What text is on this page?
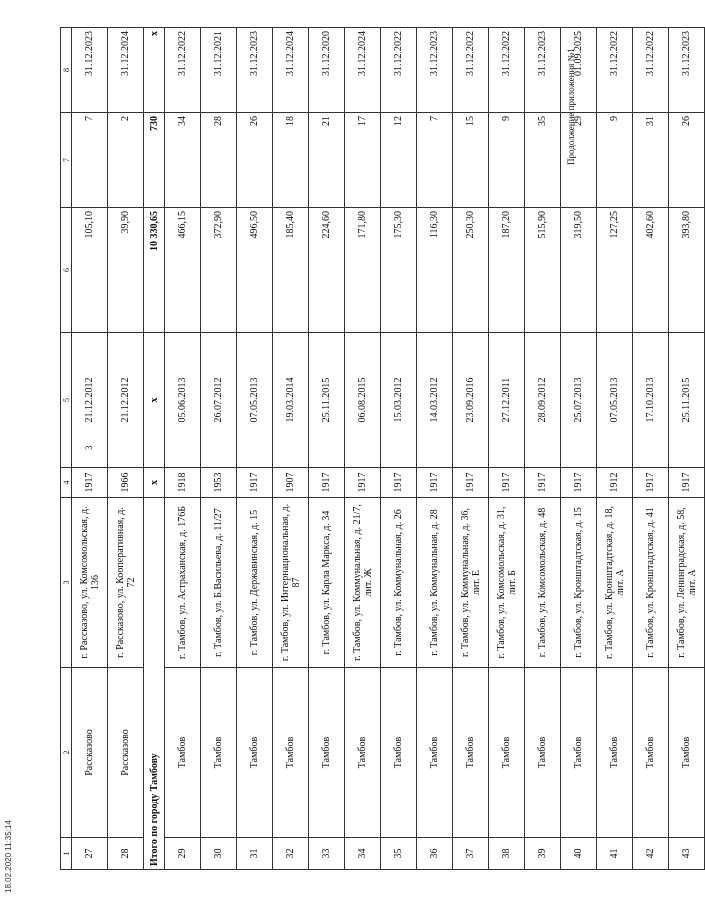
18.02.2020 11:35:14
3
Продолжение приложения №1
1	2	3	4	5	6	7	8
27	Рассказово	г. Рассказово, ул. Комсомольская, д. 136	1917	21.12.2012	105,10	7	31.12.2023
28	Рассказово	г. Рассказово, ул. Кооперативная, д. 72	1966	21.12.2012	39,90	2	31.12.2024
Итого по городу Тамбову			х	х	10 330,65	730	х
29	Тамбов	г. Тамбов, ул. Астраханская, д. 176Б	1918	05.06.2013	466,15	34	31.12.2022
30	Тамбов	г. Тамбов, ул. Б.Васильева, д. 11/27	1953	26.07.2012	372,90	28	31.12.2021
31	Тамбов	г. Тамбов, ул. Державинская, д. 15	1917	07.05.2013	496,50	26	31.12.2023
32	Тамбов	г. Тамбов, ул. Интернациональная, д. 87	1907	19.03.2014	185,40	18	31.12.2024
33	Тамбов	г. Тамбов, ул. Карла Маркса, д. 34	1917	25.11.2015	224,60	21	31.12.2020
34	Тамбов	г. Тамбов, ул. Коммунальная, д. 21/7, лит. Ж	1917	06.08.2015	171,80	17	31.12.2024
35	Тамбов	г. Тамбов, ул. Коммунальная, д. 26	1917	15.03.2012	175,30	12	31.12.2022
36	Тамбов	г. Тамбов, ул. Коммунальная, д. 28	1917	14.03.2012	116,30	7	31.12.2023
37	Тамбов	г. Тамбов, ул. Коммунальная, д. 36, лит. Е	1917	23.09.2016	250,30	15	31.12.2022
38	Тамбов	г. Тамбов, ул. Комсомольская, д. 31, лит. Б	1917	27.12.2011	187,20	9	31.12.2022
39	Тамбов	г. Тамбов, ул. Комсомольская, д. 48	1917	28.09.2012	515,90	35	31.12.2023
40	Тамбов	г. Тамбов, ул. Кронштадтская, д. 15	1917	25.07.2013	319,50	29	01.09.2025
41	Тамбов	г. Тамбов, ул. Кронштадтская, д. 18, лит. А	1912	07.05.2013	127,25	9	31.12.2022
42	Тамбов	г. Тамбов, ул. Кронштадтская, д. 41	1917	17.10.2013	402,60	31	31.12.2022
43	Тамбов	г. Тамбов, ул. Ленинградская, д. 58, лит. А	1917	25.11.2015	393,80	26	31.12.2023
